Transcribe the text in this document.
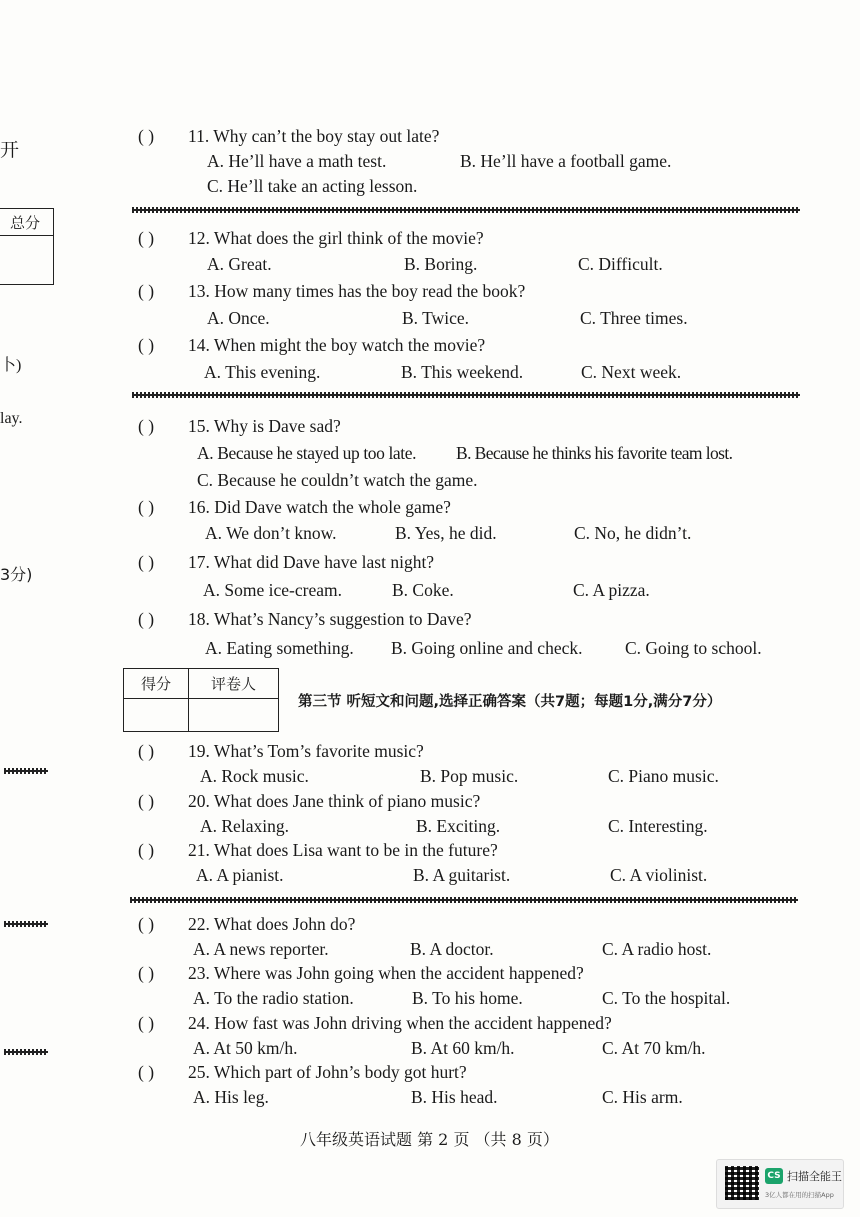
开
总分

卜)
lay.
3分)
( ) 11. Why can’t the boy stay out late?
A. He’ll have a math test.	B. He’ll have a football game.
C. He’ll take an acting lesson.
( ) 12. What does the girl think of the movie?
A. Great.	B. Boring.	C. Difficult.
( ) 13. How many times has the boy read the book?
A. Once.	B. Twice.	C. Three times.
( ) 14. When might the boy watch the movie?
A. This evening.	B. This weekend.	C. Next week.
( ) 15. Why is Dave sad?
A. Because he stayed up too late. B. Because he thinks his favorite team lost.
C. Because he couldn’t watch the game.
( ) 16. Did Dave watch the whole game?
A. We don’t know.	B. Yes, he did.	C. No, he didn’t.
( ) 17. What did Dave have last night?
A. Some ice-cream.	B. Coke.	C. A pizza.
( ) 18. What’s Nancy’s suggestion to Dave?
A. Eating something. B. Going online and check. C. Going to school.
得分	评卷人

第三节 听短文和问题,选择正确答案（共7题；每题1分,满分7分）
( ) 19. What’s Tom’s favorite music?
A. Rock music.	B. Pop music.	C. Piano music.
( ) 20. What does Jane think of piano music?
A. Relaxing.	B. Exciting.	C. Interesting.
( ) 21. What does Lisa want to be in the future?
A. A pianist.	B. A guitarist.	C. A violinist.
( ) 22. What does John do?
A. A news reporter.	B. A doctor.	C. A radio host.
( ) 23. Where was John going when the accident happened?
A. To the radio station.	B. To his home.	C. To the hospital.
( ) 24. How fast was John driving when the accident happened?
A. At 50 km/h.	B. At 60 km/h.	C. At 70 km/h.
( ) 25. Which part of John’s body got hurt?
A. His leg.	B. His head.	C. His arm.
八年级英语试题 第 2 页 （共 8 页）
CS 扫描全能王
3亿人都在用的扫描App
